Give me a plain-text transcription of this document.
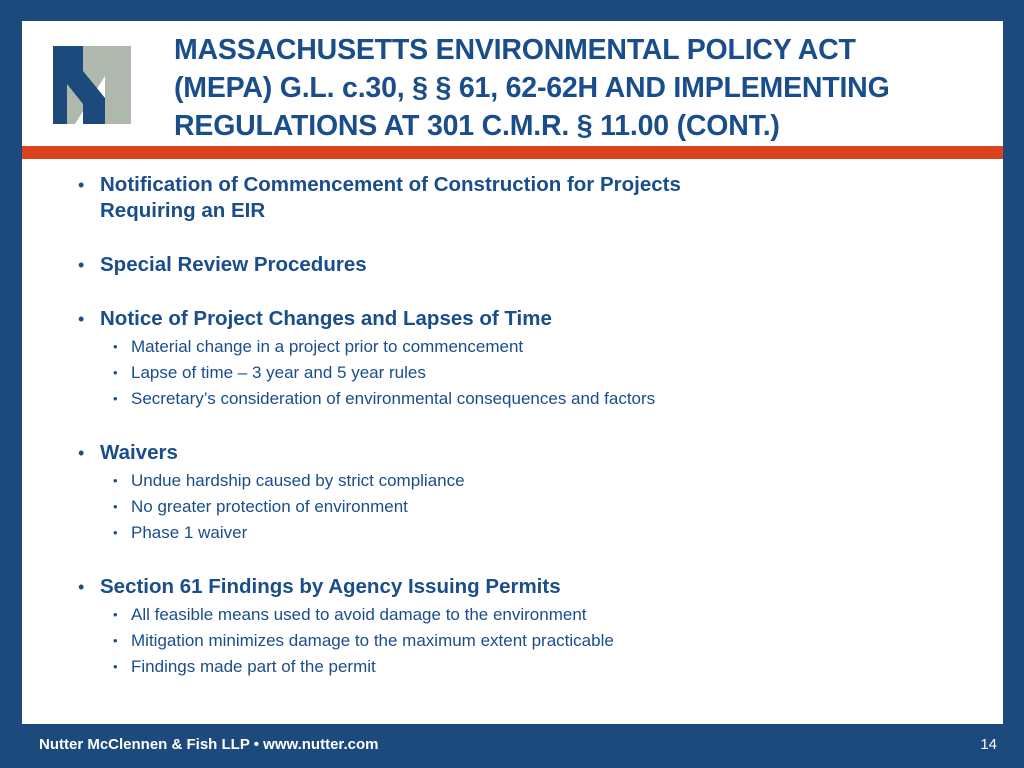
MASSACHUSETTS ENVIRONMENTAL POLICY ACT
(MEPA) G.L. c.30, § § 61, 62-62H AND IMPLEMENTING
REGULATIONS AT 301 C.M.R. § 11.00 (CONT.)
• Notification of Commencement of Construction for Projects
Requiring an EIR
• Special Review Procedures
• Notice of Project Changes and Lapses of Time
• Material change in a project prior to commencement
• Lapse of time – 3 year and 5 year rules
• Secretary’s consideration of environmental consequences and factors
• Waivers
• Undue hardship caused by strict compliance
• No greater protection of environment
• Phase 1 waiver
• Section 61 Findings by Agency Issuing Permits
• All feasible means used to avoid damage to the environment
• Mitigation minimizes damage to the maximum extent practicable
• Findings made part of the permit
Nutter McClennen & Fish LLP • www.nutter.com	14
